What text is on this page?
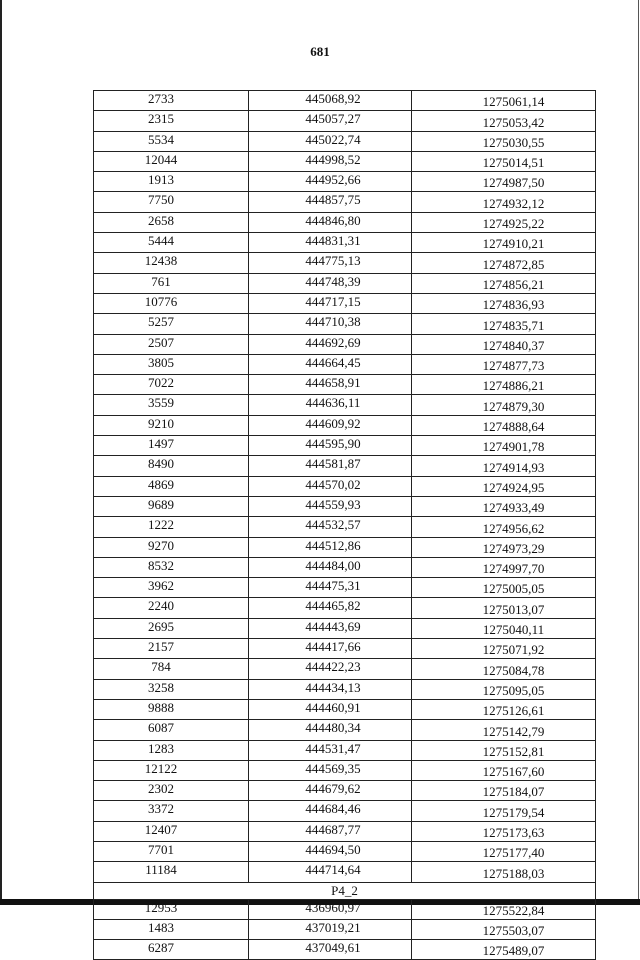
681
2733	445068,92	1275061,14
2315	445057,27	1275053,42
5534	445022,74	1275030,55
12044	444998,52	1275014,51
1913	444952,66	1274987,50
7750	444857,75	1274932,12
2658	444846,80	1274925,22
5444	444831,31	1274910,21
12438	444775,13	1274872,85
761	444748,39	1274856,21
10776	444717,15	1274836,93
5257	444710,38	1274835,71
2507	444692,69	1274840,37
3805	444664,45	1274877,73
7022	444658,91	1274886,21
3559	444636,11	1274879,30
9210	444609,92	1274888,64
1497	444595,90	1274901,78
8490	444581,87	1274914,93
4869	444570,02	1274924,95
9689	444559,93	1274933,49
1222	444532,57	1274956,62
9270	444512,86	1274973,29
8532	444484,00	1274997,70
3962	444475,31	1275005,05
2240	444465,82	1275013,07
2695	444443,69	1275040,11
2157	444417,66	1275071,92
784	444422,23	1275084,78
3258	444434,13	1275095,05
9888	444460,91	1275126,61
6087	444480,34	1275142,79
1283	444531,47	1275152,81
12122	444569,35	1275167,60
2302	444679,62	1275184,07
3372	444684,46	1275179,54
12407	444687,77	1275173,63
7701	444694,50	1275177,40
11184	444714,64	1275188,03
Р4_2		
12953	436960,97	1275522,84
1483	437019,21	1275503,07
6287	437049,61	1275489,07
